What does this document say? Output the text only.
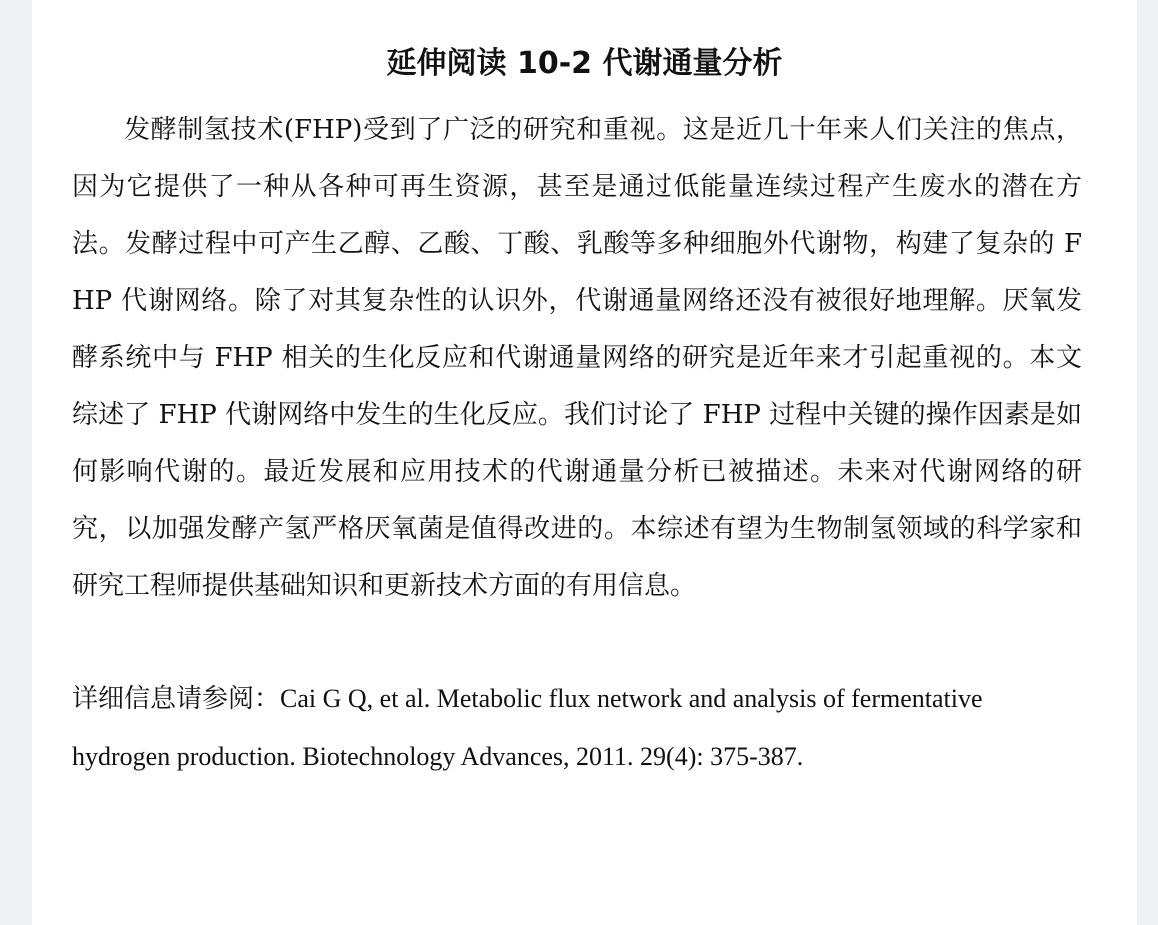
延伸阅读 10-2 代谢通量分析

发酵制氢技术(FHP)受到了广泛的研究和重视。这是近几十年来人们关注的焦点，因为它提供了一种从各种可再生资源，甚至是通过低能量连续过程产生废水的潜在方法。发酵过程中可产生乙醇、乙酸、丁酸、乳酸等多种细胞外代谢物，构建了复杂的 FHP 代谢网络。除了对其复杂性的认识外，代谢通量网络还没有被很好地理解。厌氧发酵系统中与 FHP 相关的生化反应和代谢通量网络的研究是近年来才引起重视的。本文综述了 FHP 代谢网络中发生的生化反应。我们讨论了 FHP 过程中关键的操作因素是如何影响代谢的。最近发展和应用技术的代谢通量分析已被描述。未来对代谢网络的研究，以加强发酵产氢严格厌氧菌是值得改进的。本综述有望为生物制氢领域的科学家和研究工程师提供基础知识和更新技术方面的有用信息。

详细信息请参阅：Cai G Q, et al. Metabolic flux network and analysis of fermentative hydrogen production. Biotechnology Advances, 2011. 29(4): 375-387.
